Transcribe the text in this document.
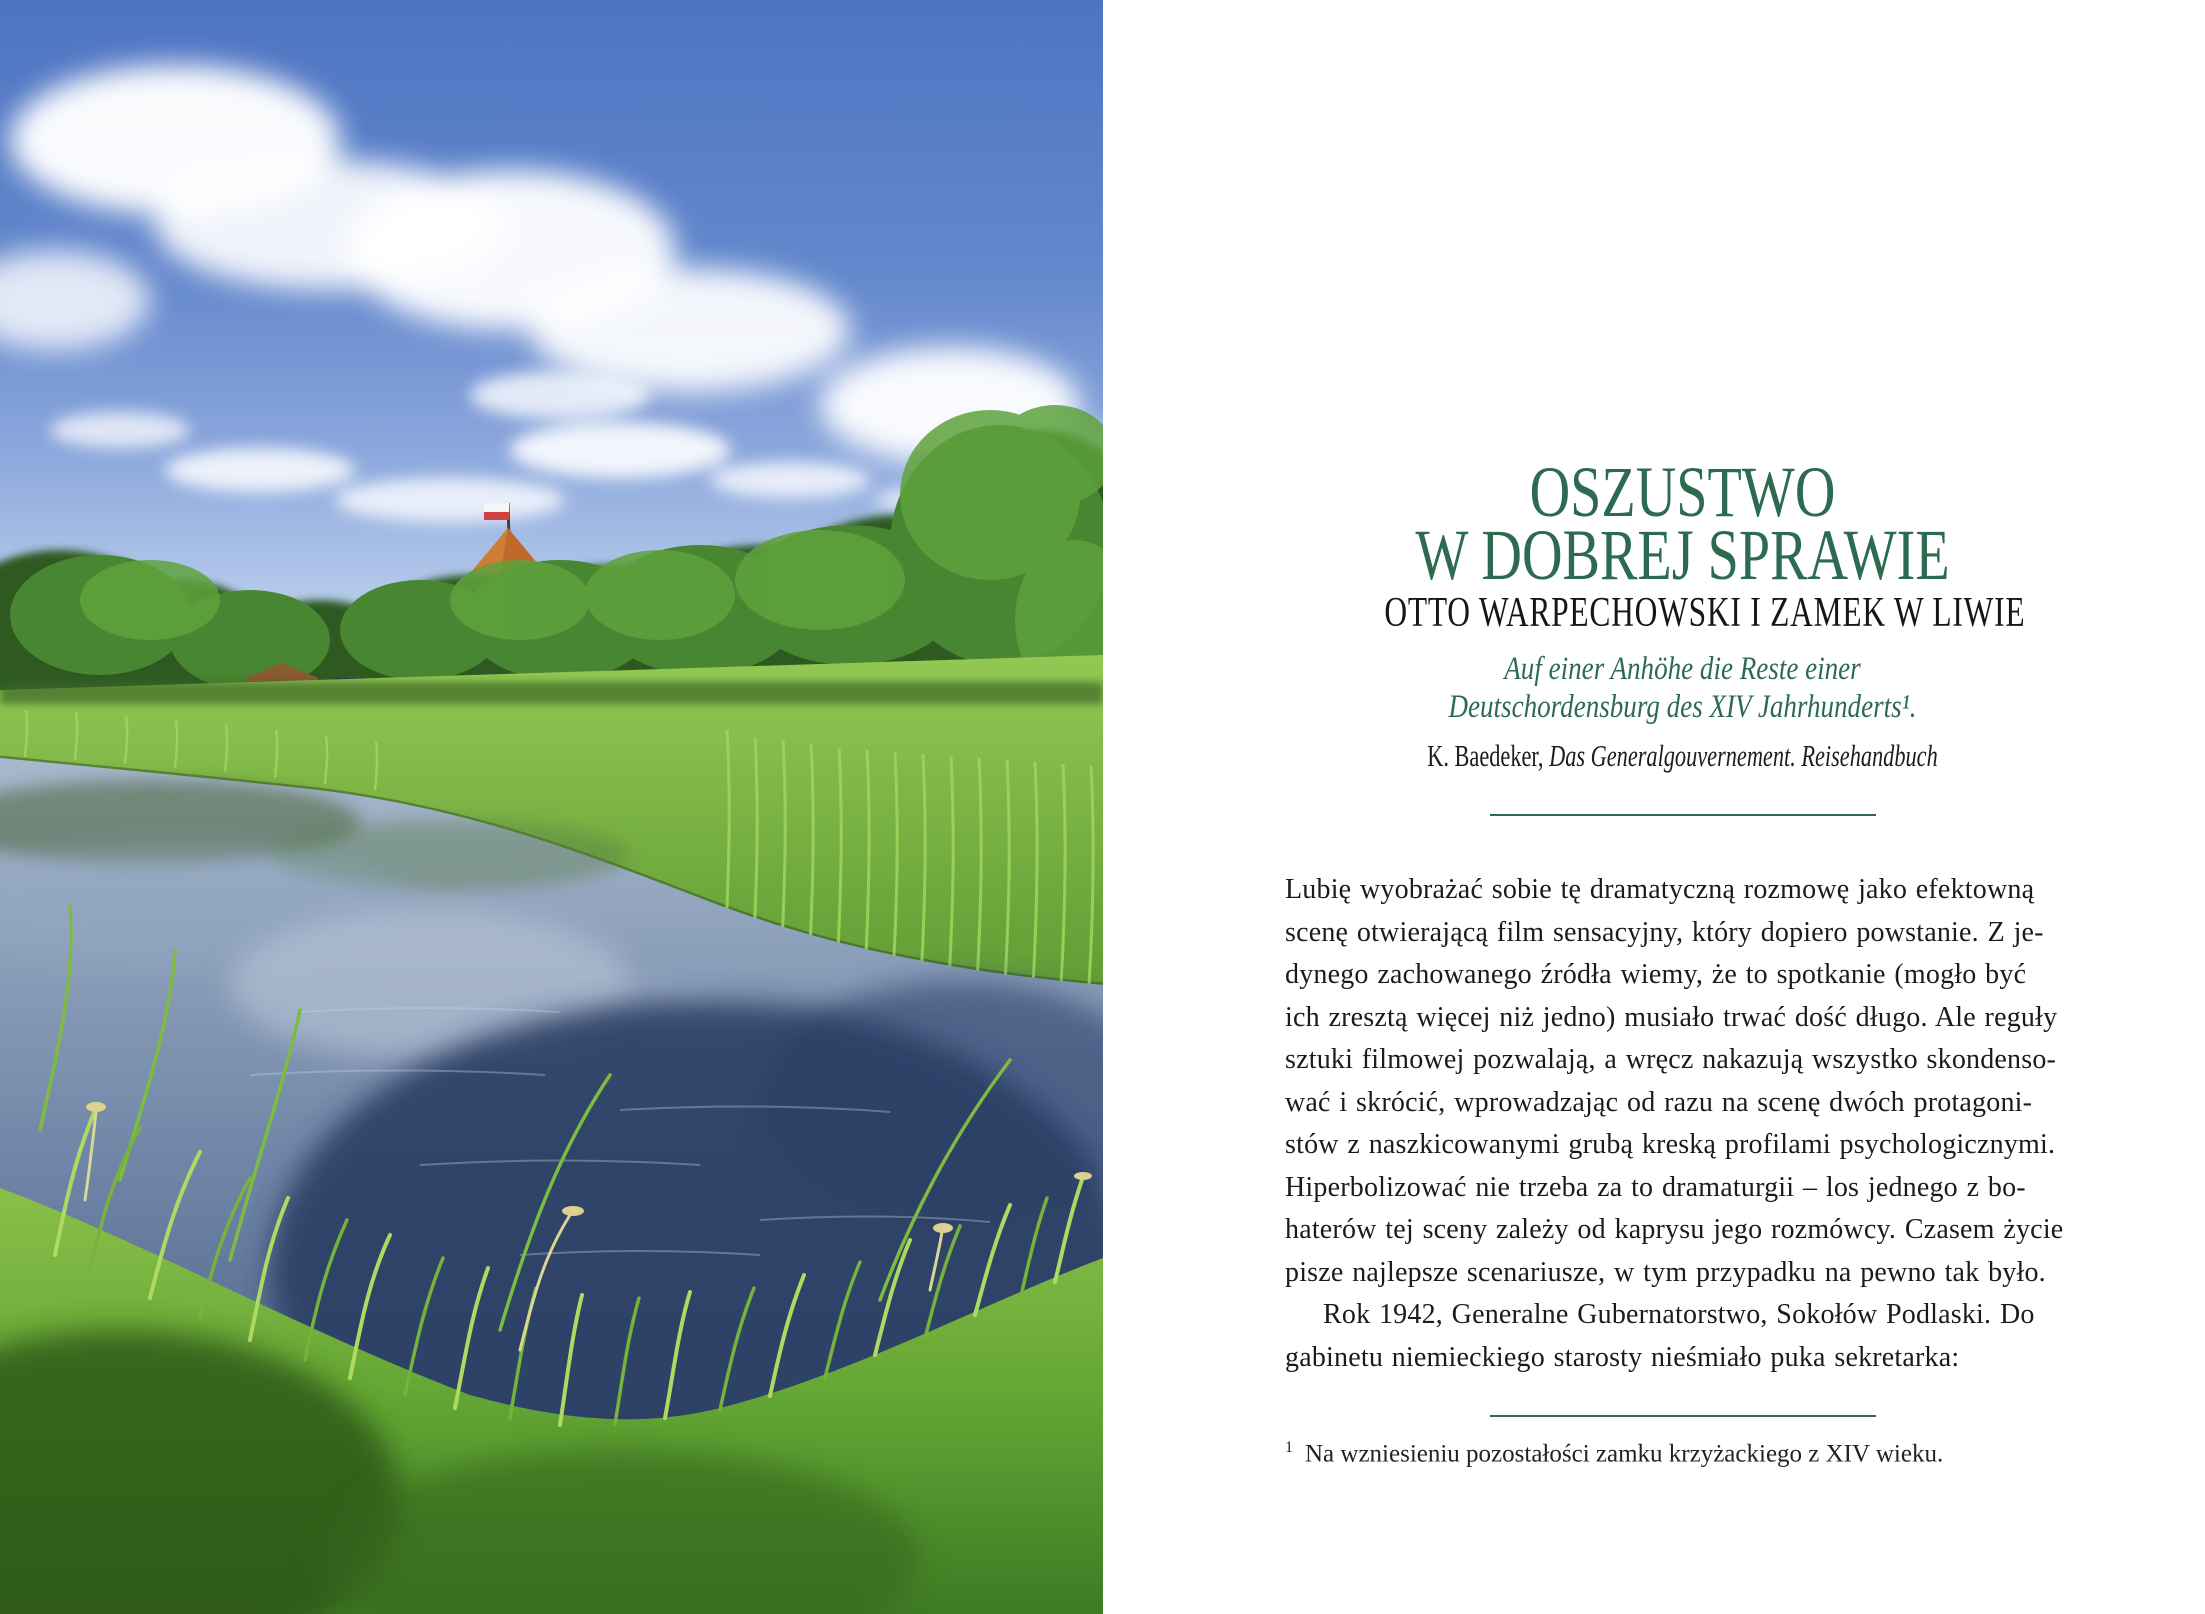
OSZUSTWO
W DOBREJ SPRAWIE
OTTO WARPECHOWSKI I ZAMEK W LIWIE
Auf einer Anhöhe die Reste einer
Deutschordensburg des XIV Jahrhunderts¹.
K. Baedeker, Das Generalgouvernement. Reisehandbuch
Lubię wyobrażać sobie tę dramatyczną rozmowę jako efektowną
scenę otwierającą film sensacyjny, który dopiero powstanie. Z je-
dynego zachowanego źródła wiemy, że to spotkanie (mogło być
ich zresztą więcej niż jedno) musiało trwać dość długo. Ale reguły
sztuki filmowej pozwalają, a wręcz nakazują wszystko skondenso-
wać i skrócić, wprowadzając od razu na scenę dwóch protagoni-
stów z naszkicowanymi grubą kreską profilami psychologicznymi.
Hiperbolizować nie trzeba za to dramaturgii – los jednego z bo-
haterów tej sceny zależy od kaprysu jego rozmówcy. Czasem życie
pisze najlepsze scenariusze, w tym przypadku na pewno tak było.
Rok 1942, Generalne Gubernatorstwo, Sokołów Podlaski. Do
gabinetu niemieckiego starosty nieśmiało puka sekretarka:
$^1$ Na wzniesieniu pozostałości zamku krzyżackiego z XIV wieku.
